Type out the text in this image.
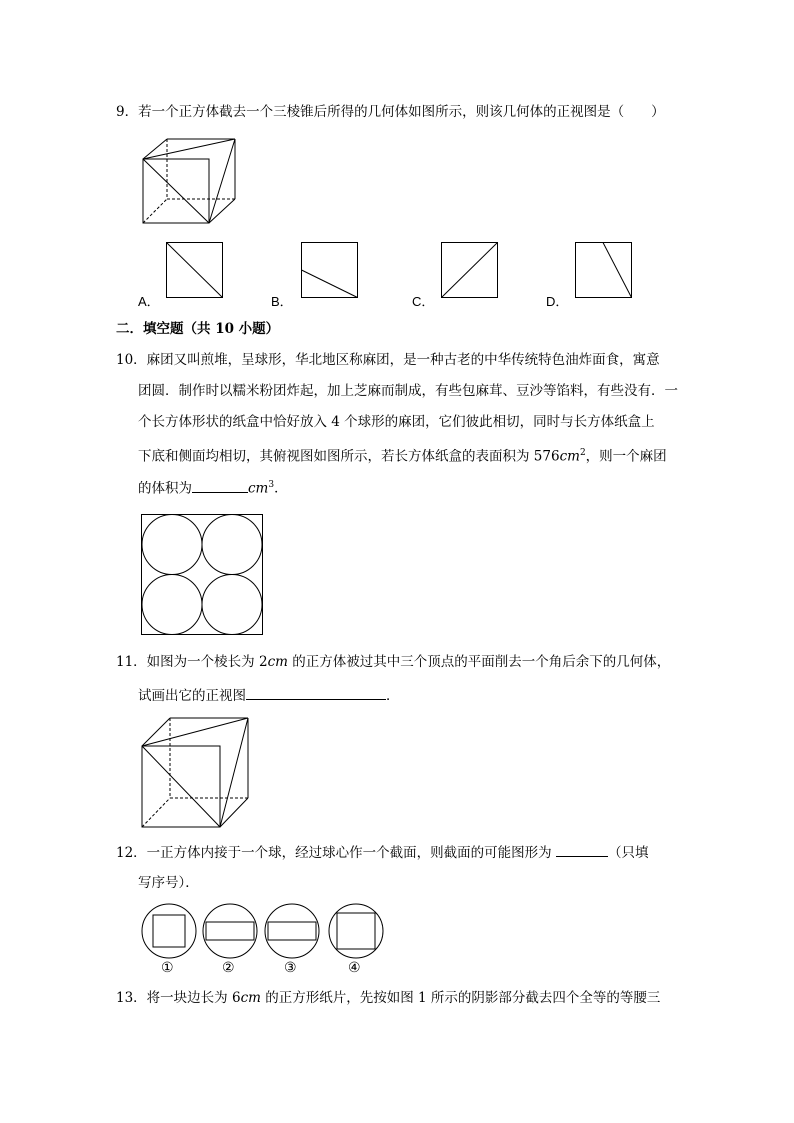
9．若一个正方体截去一个三棱锥后所得的几何体如图所示，则该几何体的正视图是（　　）
A．	B．	C．	D．
二．填空题（共 10 小题）
10．麻团又叫煎堆，呈球形，华北地区称麻团，是一种古老的中华传统特色油炸面食，寓意
团圆．制作时以糯米粉团炸起，加上芝麻而制成，有些包麻茸、豆沙等馅料，有些没有．一
个长方体形状的纸盒中恰好放入 4 个球形的麻团，它们彼此相切，同时与长方体纸盒上
下底和侧面均相切，其俯视图如图所示，若长方体纸盒的表面积为 $576cm^2$，则一个麻团
的体积为	$cm^3$．
11．如图为一个棱长为 2cm 的正方体被过其中三个顶点的平面削去一个角后余下的几何体，
试画出它的正视图	．
12．一正方体内接于一个球，经过球心作一个截面，则截面的可能图形为	（只填
写序号）．
①	②	③	④
13．将一块边长为 6cm 的正方形纸片，先按如图 1 所示的阴影部分截去四个全等的等腰三
